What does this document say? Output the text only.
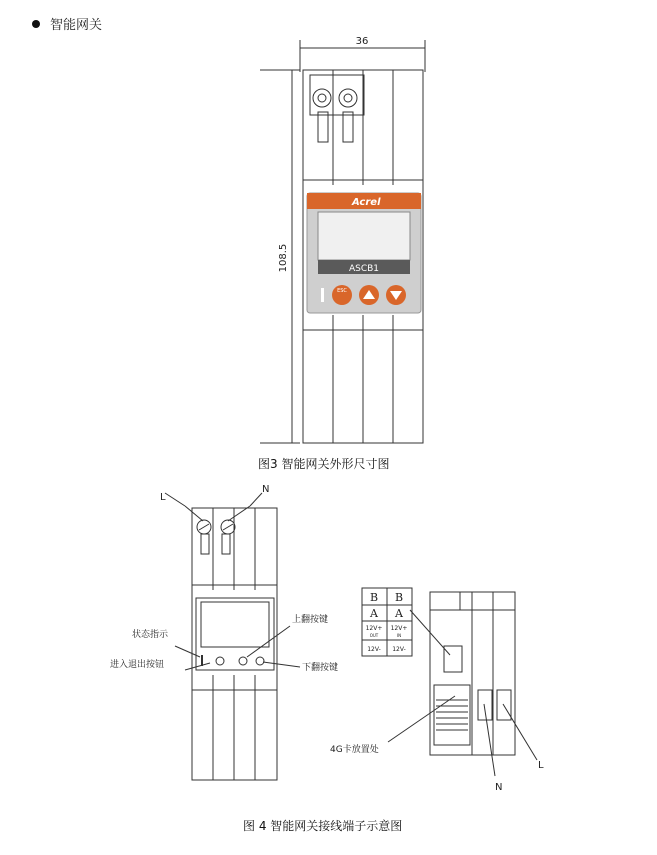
智能网关
36
108.5
Acrel
ASCB1
ESC
图3 智能网关外形尺寸图
L
N
状态指示
进入退出按钮
上翻按键
下翻按键
4G卡放置处
N
L
B B
A A
12V+
OUT
12V+
IN
12V- 12V-
图 4 智能网关接线端子示意图
